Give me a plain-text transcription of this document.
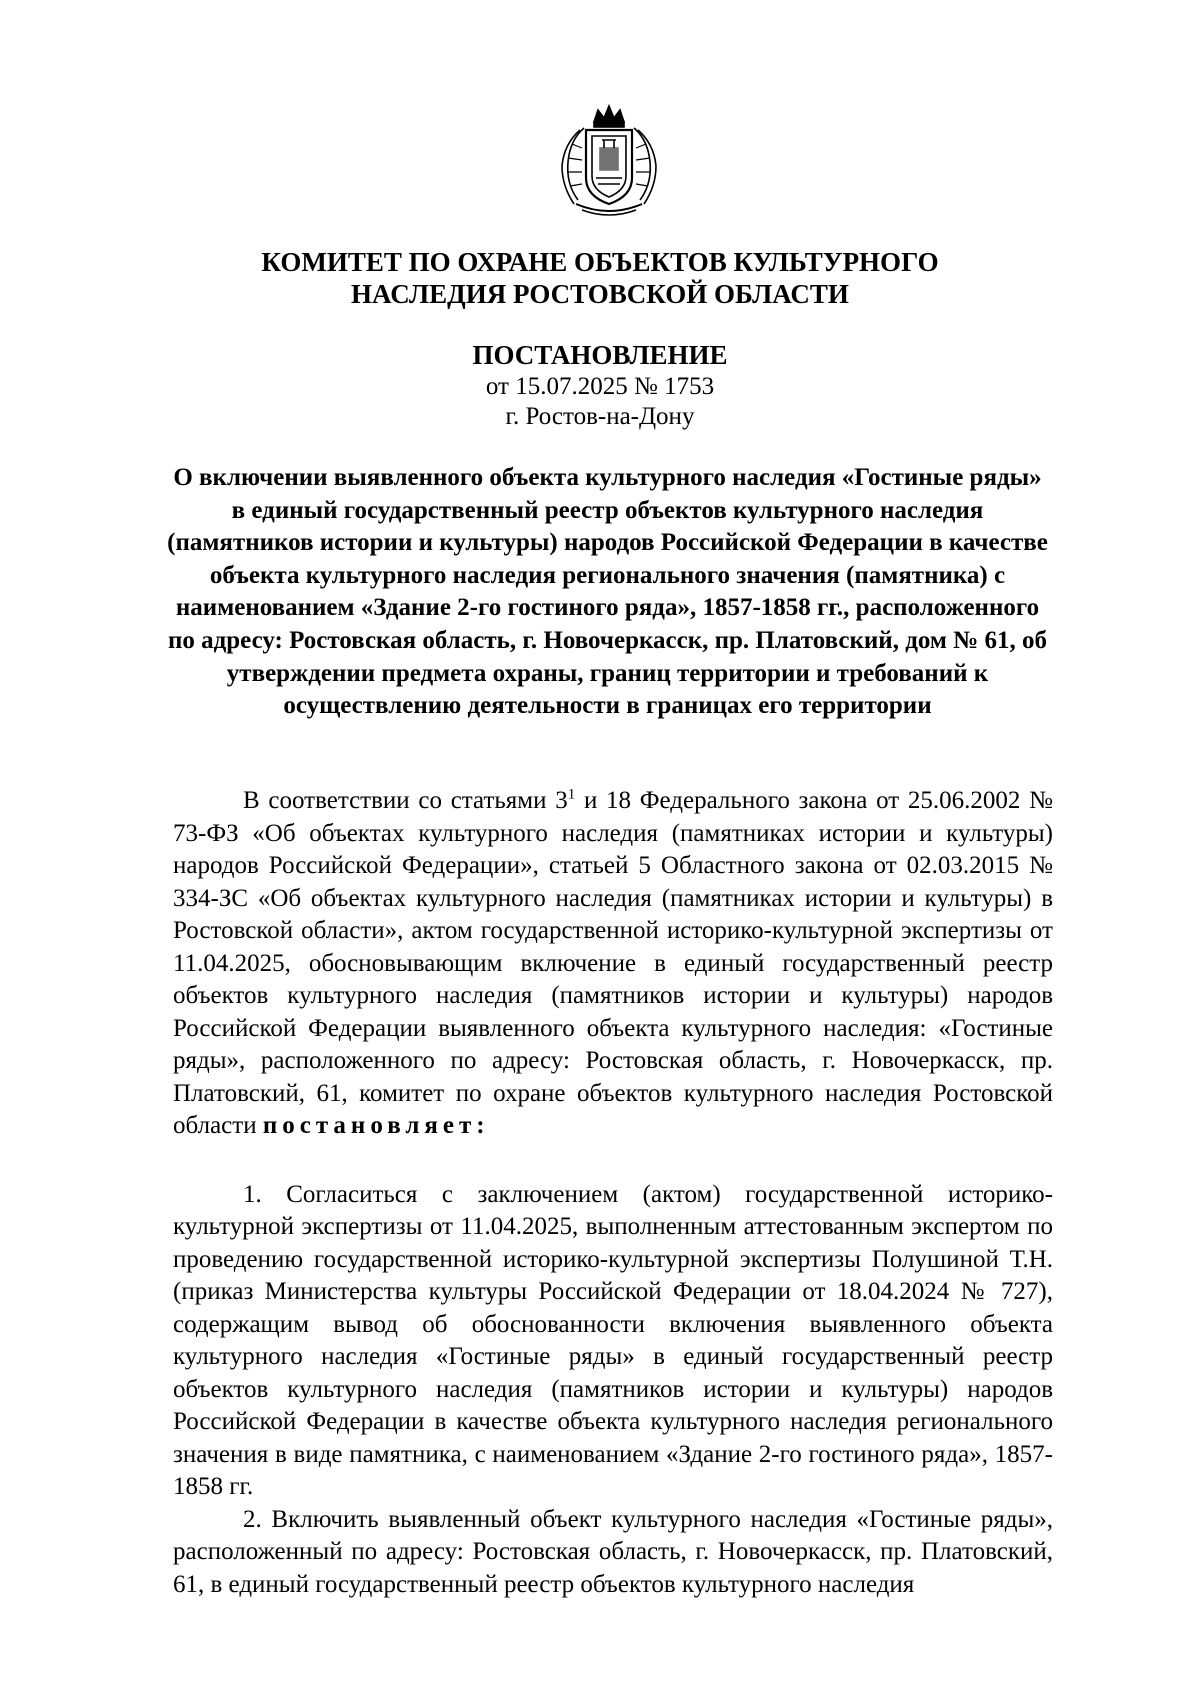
КОМИТЕТ ПО ОХРАНЕ ОБЪЕКТОВ КУЛЬТУРНОГО
НАСЛЕДИЯ РОСТОВСКОЙ ОБЛАСТИ
ПОСТАНОВЛЕНИЕ
от 15.07.2025 № 1753
г. Ростов-на-Дону
О включении выявленного объекта культурного наследия «Гостиные ряды» в единый государственный реестр объектов культурного наследия (памятников истории и культуры) народов Российской Федерации в качестве объекта культурного наследия регионального значения (памятника) с наименованием «Здание 2-го гостиного ряда», 1857-1858 гг., расположенного по адресу: Ростовская область, г. Новочеркасск, пр. Платовский, дом № 61, об утверждении предмета охраны, границ территории и требований к осуществлению деятельности в границах его территории

В соответствии со статьями $3^1$ и 18 Федерального закона от 25.06.2002 № 73-ФЗ «Об объектах культурного наследия (памятниках истории и культуры) народов Российской Федерации», статьей 5 Областного закона от 02.03.2015 № 334-ЗС «Об объектах культурного наследия (памятниках истории и культуры) в Ростовской области», актом государственной историко-культурной экспертизы от 11.04.2025, обосновывающим включение в единый государственный реестр объектов культурного наследия (памятников истории и культуры) народов Российской Федерации выявленного объекта культурного наследия: «Гостиные ряды», расположенного по адресу: Ростовская область, г. Новочеркасск, пр. Платовский, 61, комитет по охране объектов культурного наследия Ростовской области постановляет:

1. Согласиться с заключением (актом) государственной историко-культурной экспертизы от 11.04.2025, выполненным аттестованным экспертом по проведению государственной историко-культурной экспертизы Полушиной Т.Н. (приказ Министерства культуры Российской Федерации от 18.04.2024 № 727), содержащим вывод об обоснованности включения выявленного объекта культурного наследия «Гостиные ряды» в единый государственный реестр объектов культурного наследия (памятников истории и культуры) народов Российской Федерации в качестве объекта культурного наследия регионального значения в виде памятника, с наименованием «Здание 2-го гостиного ряда», 1857-1858 гг.

2. Включить выявленный объект культурного наследия «Гостиные ряды», расположенный по адресу: Ростовская область, г. Новочеркасск, пр. Платовский, 61, в единый государственный реестр объектов культурного наследия
